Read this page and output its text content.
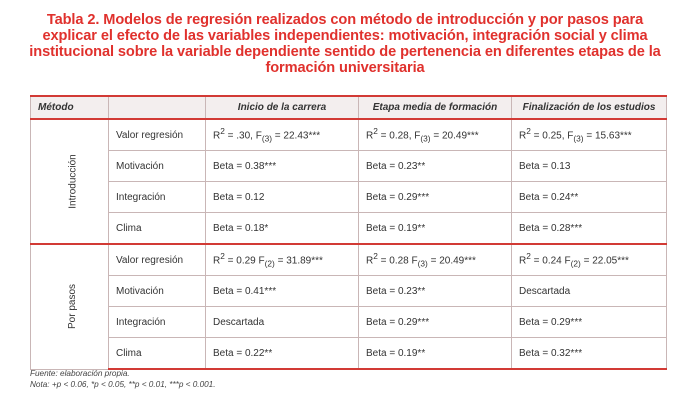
Tabla 2. Modelos de regresión realizados con método de introducción y por pasos para explicar el efecto de las variables independientes: motivación, integración social y clima institucional sobre la variable dependiente sentido de pertenencia en diferentes etapas de la formación universitaria
Método		Inicio de la carrera	Etapa media de formación	Finalización de los estudios
Introducción	Valor regresión	$R^2 = .30$, $F_{(3)} = 22.43***$	$R^2 = 0.28$, $F_{(3)} = 20.49***$	$R^2 = 0.25$, $F_{(3)} = 15.63***$
	Motivación	Beta = 0.38***	Beta = 0.23**	Beta = 0.13
	Integración	Beta = 0.12	Beta = 0.29***	Beta = 0.24**
	Clima	Beta = 0.18*	Beta = 0.19**	Beta = 0.28***
Por pasos	Valor regresión	$R^2 = 0.29$ $F_{(2)} = 31.89***$	$R^2 = 0.28$ $F_{(3)} = 20.49***$	$R^2 = 0.24$ $F_{(2)} = 22.05***$
	Motivación	Beta = 0.41***	Beta = 0.23**	Descartada
	Integración	Descartada	Beta = 0.29***	Beta = 0.29***
	Clima	Beta = 0.22**	Beta = 0.19**	Beta = 0.32***

Fuente: elaboración propia.

Nota: +p < 0.06, *p < 0.05, **p < 0.01, ***p < 0.001.
